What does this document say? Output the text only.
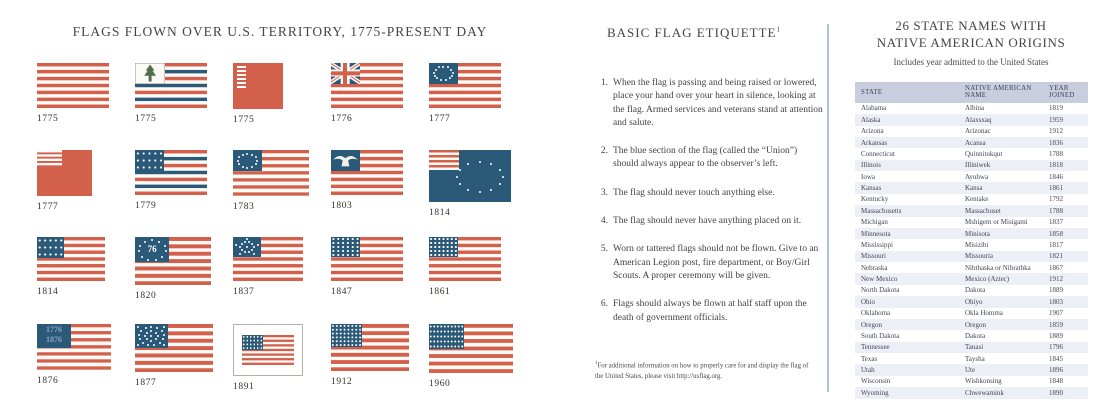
FLAGS FLOWN OVER U.S. TERRITORY, 1775-PRESENT DAY
1775	1775	1775	1776	1777
1777	1779	1783	1803
1814
1814
76
1820	1837	1847	1861
1776
1876
1876	1877	1891	1912	1960
BASIC FLAG ETIQUETTE$^1$
1. When the flag is passing and being raised or lowered, place your hand over your heart in silence, looking at the flag. Armed services and veterans stand at attention and salute.
2. The blue section of the flag (called the “Union”) should always appear to the observer’s left.
3. The flag should never touch anything else.
4. The flag should never have anything placed on it.
5. Worn or tattered flags should not be flown. Give to an American Legion post, fire department, or Boy/Girl Scouts. A proper ceremony will be given.
6. Flags should always be flown at half staff upon the death of government officials.
$^1$For additional information on how to properly care for and display the flag of the United States, please visit http://usflag.org.
26 STATE NAMES WITH
NATIVE AMERICAN ORIGINS
Includes year admitted to the United States
STATE	NATIVE AMERICAN NAME	YEAR JOINED
Alabama	Albina	1819
Alaska	Alaxsxaq	1959
Arizona	Arizonac	1912
Arkansas	Acansa	1836
Connecticut	Quinnitukqut	1788
Illinois	Illiniwek	1818
Iowa	Ayuhwa	1846
Kansas	Kansa	1861
Kentucky	Kentake	1792
Massachusetts	Massachuset	1788
Michigan	Mshigem or Misigami	1837
Minnesota	Minisota	1858
Mississippi	Misizibi	1817
Missouri	Missouria	1821
Nebraska	Nibthaska or Nibrathka	1867
New Mexico	Mexico (Aztec)	1912
North Dakota	Dakota	1889
Ohio	Ohiyo	1803
Oklahoma	Okla Homma	1907
Oregon	Oregon	1859
South Dakota	Dakota	1889
Tennessee	Tanasi	1796
Texas	Taysha	1845
Utah	Ute	1896
Wisconsin	Wishkonsing	1848
Wyoming	Chwewamink	1890
